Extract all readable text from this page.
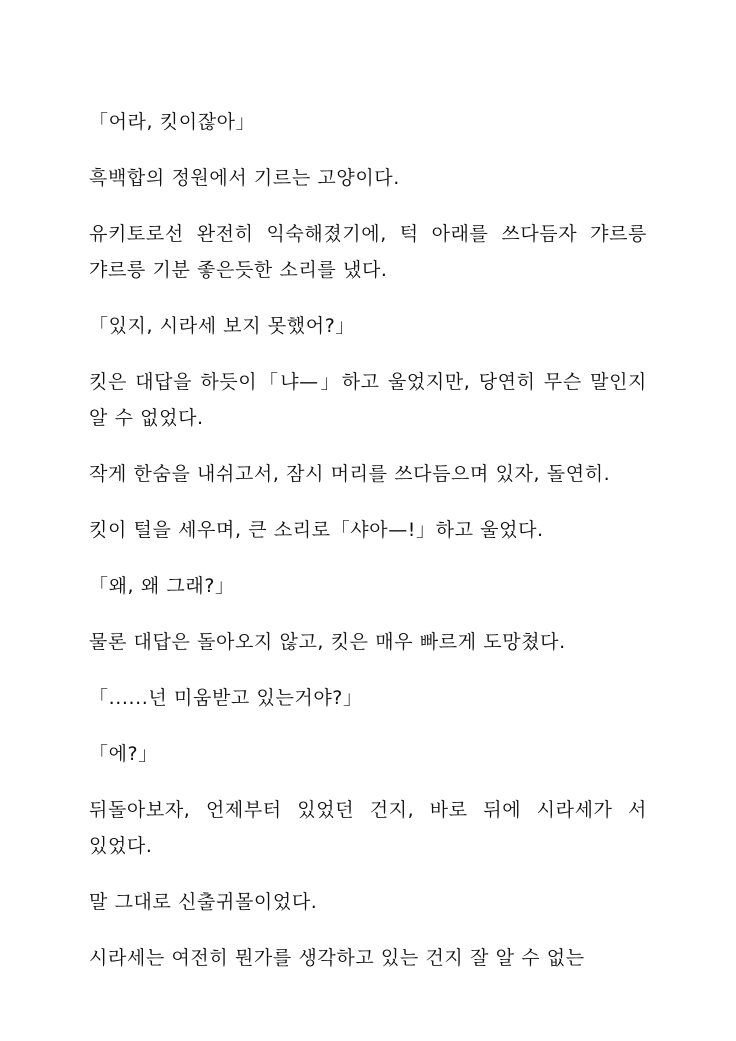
「어라, 킷이잖아」

흑백합의 정원에서 기르는 고양이다.

유키토로선 완전히 익숙해졌기에, 턱 아래를 쓰다듬자 갸르릉 갸르릉 기분 좋은듯한 소리를 냈다.

「있지, 시라세 보지 못했어?」

킷은 대답을 하듯이「냐—」하고 울었지만, 당연히 무슨 말인지 알 수 없었다.

작게 한숨을 내쉬고서, 잠시 머리를 쓰다듬으며 있자, 돌연히.

킷이 털을 세우며, 큰 소리로「샤아—!」하고 울었다.

「왜, 왜 그래?」

물론 대답은 돌아오지 않고, 킷은 매우 빠르게 도망쳤다.

「......넌 미움받고 있는거야?」

「에?」

뒤돌아보자, 언제부터 있었던 건지, 바로 뒤에 시라세가 서 있었다.

말 그대로 신출귀몰이었다.

시라세는 여전히 뭔가를 생각하고 있는 건지 잘 알 수 없는
